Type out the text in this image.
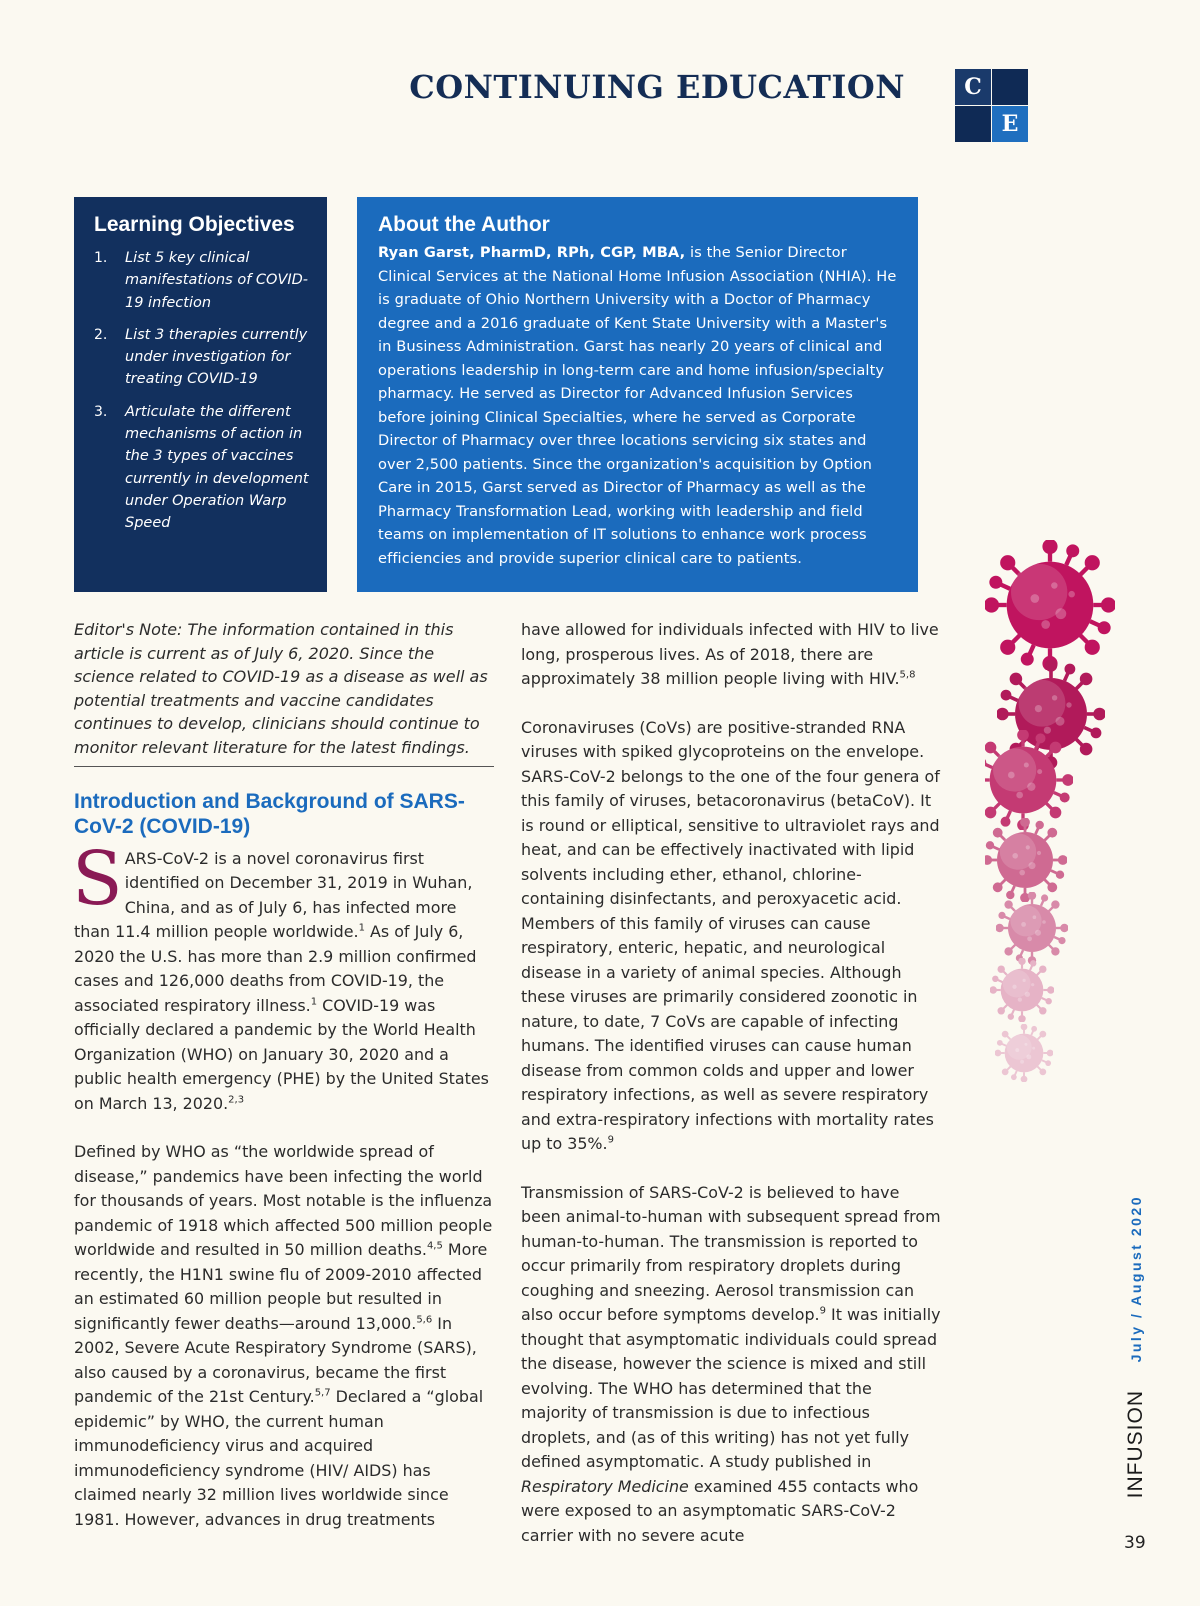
CONTINUING EDUCATION	C
E
Learning Objectives
1.	List 5 key clinical manifestations of COVID-19 infection
2.	List 3 therapies currently under investigation for treating COVID-19
3.	Articulate the different mechanisms of action in the 3 types of vaccines currently in development under Operation Warp Speed
About the Author

Ryan Garst, PharmD, RPh, CGP, MBA, is the Senior Director Clinical Services at the National Home Infusion Association (NHIA). He is graduate of Ohio Northern University with a Doctor of Pharmacy degree and a 2016 graduate of Kent State University with a Master's in Business Administration. Garst has nearly 20 years of clinical and operations leadership in long-term care and home infusion/specialty pharmacy. He served as Director for Advanced Infusion Services before joining Clinical Specialties, where he served as Corporate Director of Pharmacy over three locations servicing six states and over 2,500 patients. Since the organization's acquisition by Option Care in 2015, Garst served as Director of Pharmacy as well as the Pharmacy Transformation Lead, working with leadership and field teams on implementation of IT solutions to enhance work process efficiencies and provide superior clinical care to patients.

Editor's Note: The information contained in this article is current as of July 6, 2020. Since the science related to COVID-19 as a disease as well as potential treatments and vaccine candidates continues to develop, clinicians should continue to monitor relevant literature for the latest findings.
Introduction and Background of SARS-CoV-2 (COVID-19)

SARS-CoV-2 is a novel coronavirus first identified on December 31, 2019 in Wuhan, China, and as of July 6, has infected more than 11.4 million people worldwide.$^1$ As of July 6, 2020 the U.S. has more than 2.9 million confirmed cases and 126,000 deaths from COVID-19, the associated respiratory illness.$^1$ COVID-19 was officially declared a pandemic by the World Health Organization (WHO) on January 30, 2020 and a public health emergency (PHE) by the United States on March 13, 2020.$^{2,3}$

Defined by WHO as “the worldwide spread of disease,” pandemics have been infecting the world for thousands of years. Most notable is the influenza pandemic of 1918 which affected 500 million people worldwide and resulted in 50 million deaths.$^{4,5}$ More recently, the H1N1 swine flu of 2009-2010 affected an estimated 60 million people but resulted in significantly fewer deaths—around 13,000.$^{5,6}$ In 2002, Severe Acute Respiratory Syndrome (SARS), also caused by a coronavirus, became the first pandemic of the 21st Century.$^{5,7}$ Declared a “global epidemic” by WHO, the current human immunodeficiency virus and acquired immunodeficiency syndrome (HIV/ AIDS) has claimed nearly 32 million lives worldwide since 1981. However, advances in drug treatments

have allowed for individuals infected with HIV to live long, prosperous lives. As of 2018, there are approximately 38 million people living with HIV.$^{5,8}$

Coronaviruses (CoVs) are positive-stranded RNA viruses with spiked glycoproteins on the envelope. SARS-CoV-2 belongs to the one of the four genera of this family of viruses, betacoronavirus (betaCoV). It is round or elliptical, sensitive to ultraviolet rays and heat, and can be effectively inactivated with lipid solvents including ether, ethanol, chlorine-containing disinfectants, and peroxyacetic acid. Members of this family of viruses can cause respiratory, enteric, hepatic, and neurological disease in a variety of animal species. Although these viruses are primarily considered zoonotic in nature, to date, 7 CoVs are capable of infecting humans. The identified viruses can cause human disease from common colds and upper and lower respiratory infections, as well as severe respiratory and extra-respiratory infections with mortality rates up to 35%.$^9$

Transmission of SARS-CoV-2 is believed to have been animal-to-human with subsequent spread from human-to-human. The transmission is reported to occur primarily from respiratory droplets during coughing and sneezing. Aerosol transmission can also occur before symptoms develop.$^9$ It was initially thought that asymptomatic individuals could spread the disease, however the science is mixed and still evolving. The WHO has determined that the majority of transmission is due to infectious droplets, and (as of this writing) has not yet fully defined asymptomatic. A study published in Respiratory Medicine examined 455 contacts who were exposed to an asymptomatic SARS-CoV-2 carrier with no severe acute

July / August 2020
INFUSION
39
